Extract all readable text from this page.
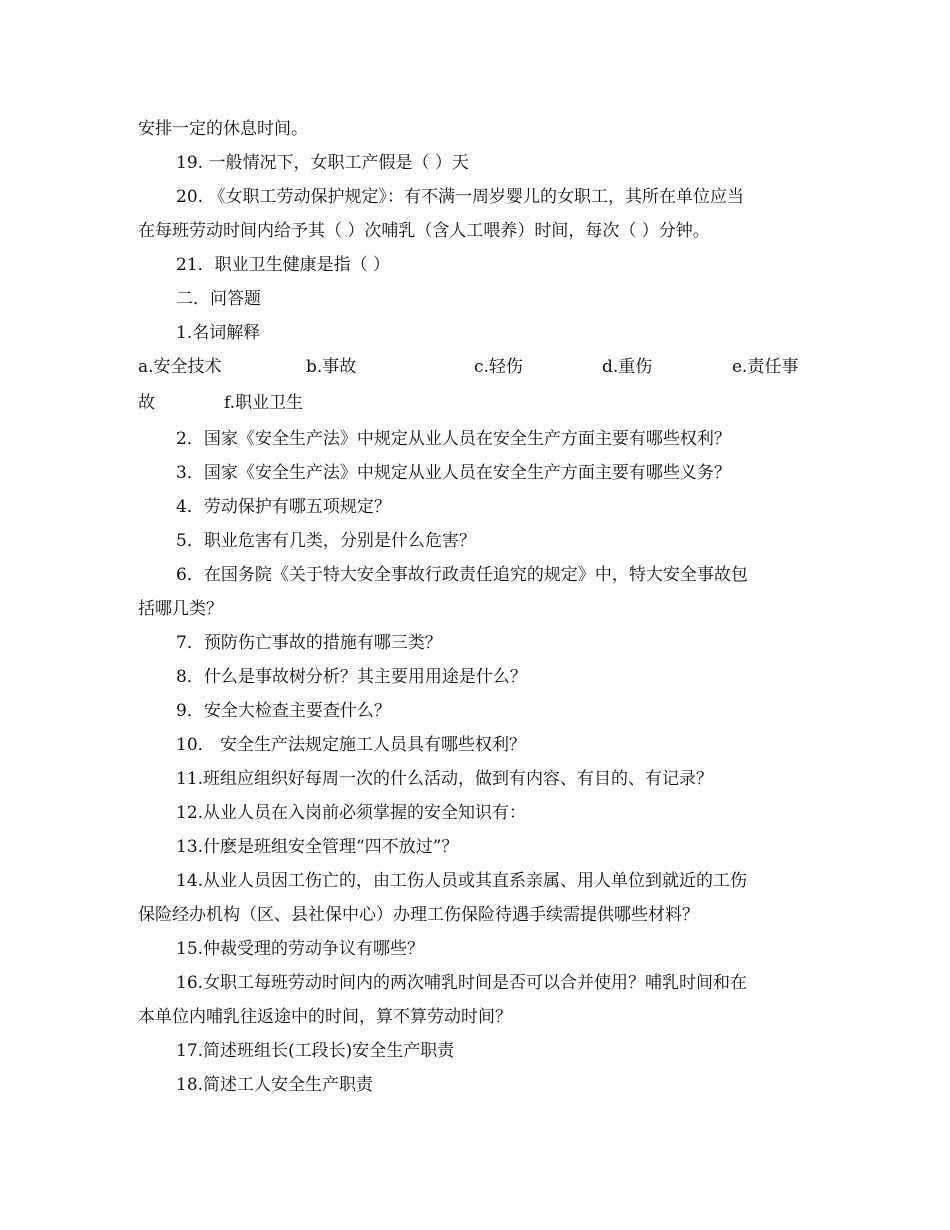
安排一定的休息时间。
19. 一般情况下，女职工产假是（ ）天
20. 《女职工劳动保护规定》：有不满一周岁婴儿的女职工，其所在单位应当
在每班劳动时间内给予其（ ）次哺乳（含人工喂养）时间，每次（ ）分钟。
21．职业卫生健康是指（ ）
二．问答题
1.名词解释
a.安全技术	b.事故	c.轻伤	d.重伤	e.责任事
故	f.职业卫生
2．国家《安全生产法》中规定从业人员在安全生产方面主要有哪些权利？
3．国家《安全生产法》中规定从业人员在安全生产方面主要有哪些义务？
4．劳动保护有哪五项规定？
5．职业危害有几类，分别是什么危害？
6．在国务院《关于特大安全事故行政责任追究的规定》中，特大安全事故包
括哪几类？
7．预防伤亡事故的措施有哪三类？
8．什么是事故树分析？其主要用用途是什么？
9．安全大检查主要查什么？
10． 安全生产法规定施工人员具有哪些权利？
11.班组应组织好每周一次的什么活动，做到有内容、有目的、有记录？
12.从业人员在入岗前必须掌握的安全知识有：
13.什麽是班组安全管理“四不放过”？
14.从业人员因工伤亡的，由工伤人员或其直系亲属、用人单位到就近的工伤
保险经办机构（区、县社保中心）办理工伤保险待遇手续需提供哪些材料？
15.仲裁受理的劳动争议有哪些？
16.女职工每班劳动时间内的两次哺乳时间是否可以合并使用？哺乳时间和在
本单位内哺乳往返途中的时间，算不算劳动时间？
17.简述班组长(工段长)安全生产职责
18.简述工人安全生产职责
